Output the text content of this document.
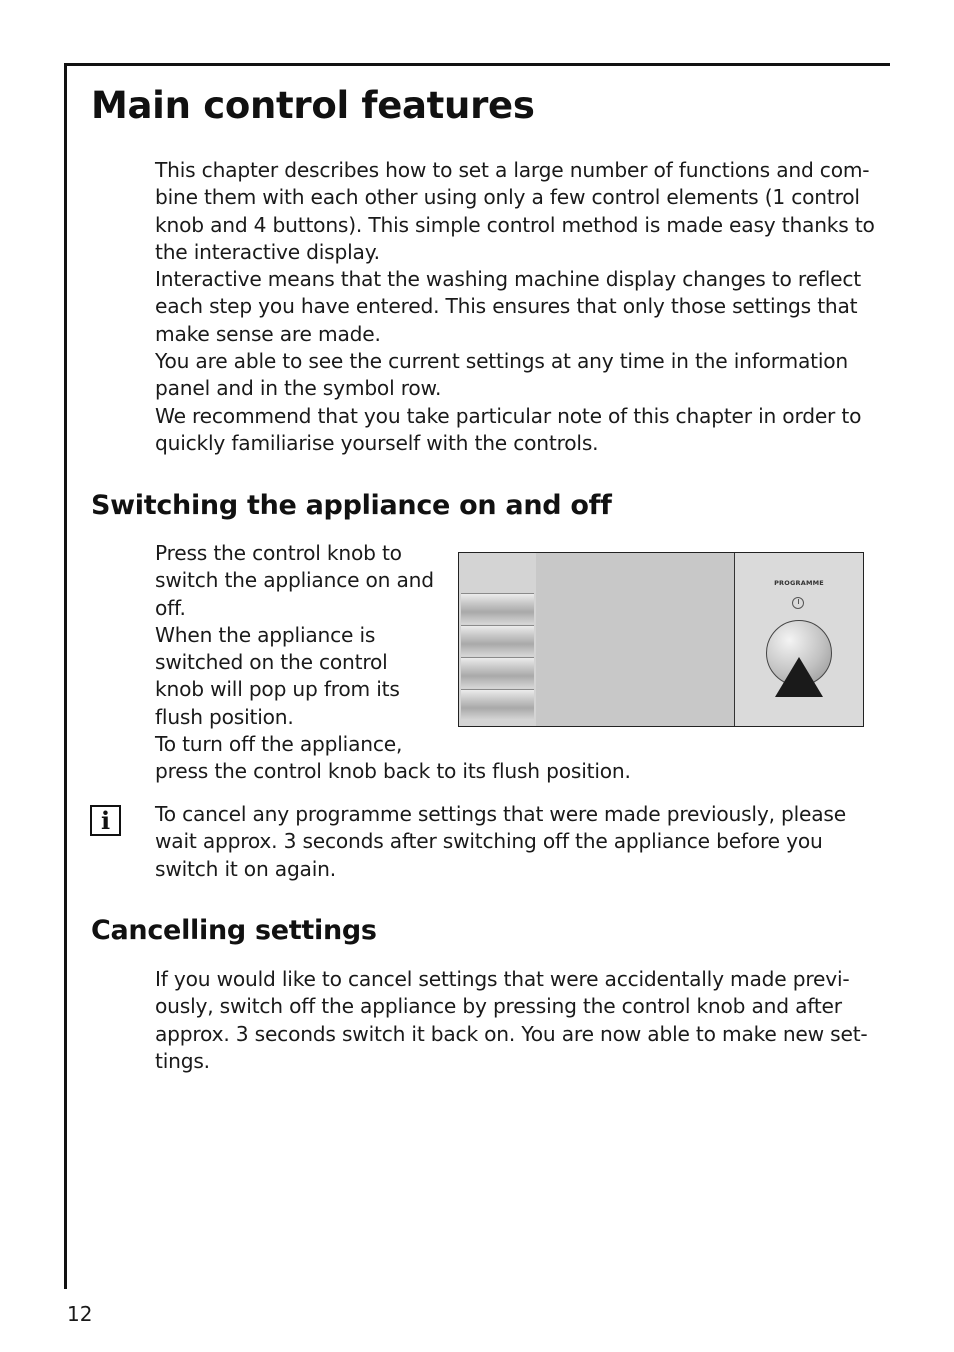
Main control features

This chapter describes how to set a large number of functions and com-
bine them with each other using only a few control elements (1 control
knob and 4 buttons). This simple control method is made easy thanks to
the interactive display.

Interactive means that the washing machine display changes to reflect
each step you have entered. This ensures that only those settings that
make sense are made.

You are able to see the current settings at any time in the information
panel and in the symbol row.

We recommend that you take particular note of this chapter in order to
quickly familiarise yourself with the controls.

Switching the appliance on and off
Press the control knob to
switch the appliance on and
off.
When the appliance is
switched on the control
knob will pop up from its
flush position.
To turn off the appliance,
press the control knob back to its flush position.
PROGRAMME
i	To cancel any programme settings that were made previously, please
wait approx. 3 seconds after switching off the appliance before you
switch it on again.
Cancelling settings
If you would like to cancel settings that were accidentally made previ-
ously, switch off the appliance by pressing the control knob and after
approx. 3 seconds switch it back on. You are now able to make new set-
tings.
12
